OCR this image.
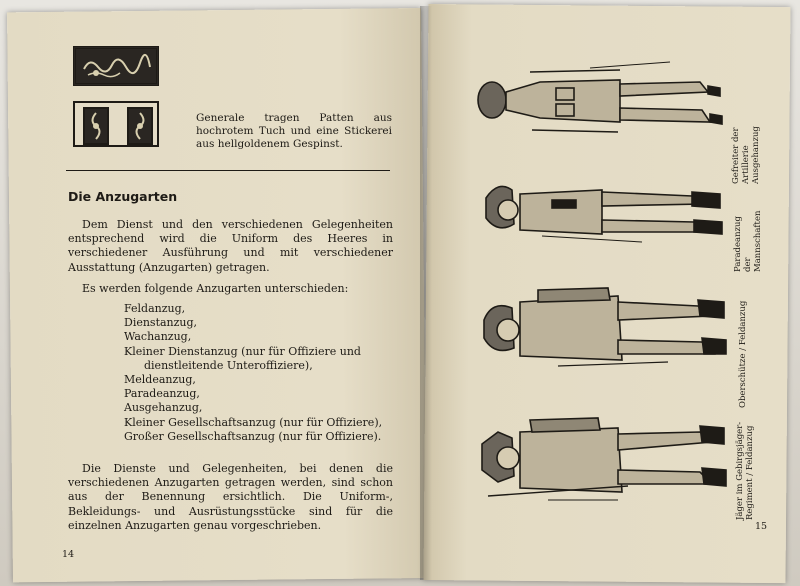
Generale tragen Patten aus hochrotem Tuch und eine Stickerei aus hellgoldenem Gespinst.
Die Anzugarten
Dem Dienst und den verschiedenen Gelegenheiten entsprechend wird die Uniform des Heeres in verschiedener Ausführung und mit verschiedener Ausstattung (Anzugarten) getragen.
Es werden folgende Anzugarten unterschieden:
Feldanzug,
Dienstanzug,
Wachanzug,
Kleiner Dienstanzug (nur für Offiziere und
dienstleitende Unteroffiziere),
Meldeanzug,
Paradeanzug,
Ausgehanzug,
Kleiner Gesellschaftsanzug (nur für Offiziere),
Großer Gesellschaftsanzug (nur für Offiziere).
Die Dienste und Gelegenheiten, bei denen die verschiedenen Anzugarten getragen werden, sind schon aus der Benennung ersichtlich. Die Uniform-, Bekleidungs- und Ausrüstungsstücke sind für die einzelnen Anzugarten genau vorgeschrieben.
14
Gefreiter der Artillerie
Ausgehanzug
Paradeanzug
der Mannschaften
Oberschütze / Feldanzug
Jäger im Gebirgsjäger-
Regiment / Feldanzug
15
